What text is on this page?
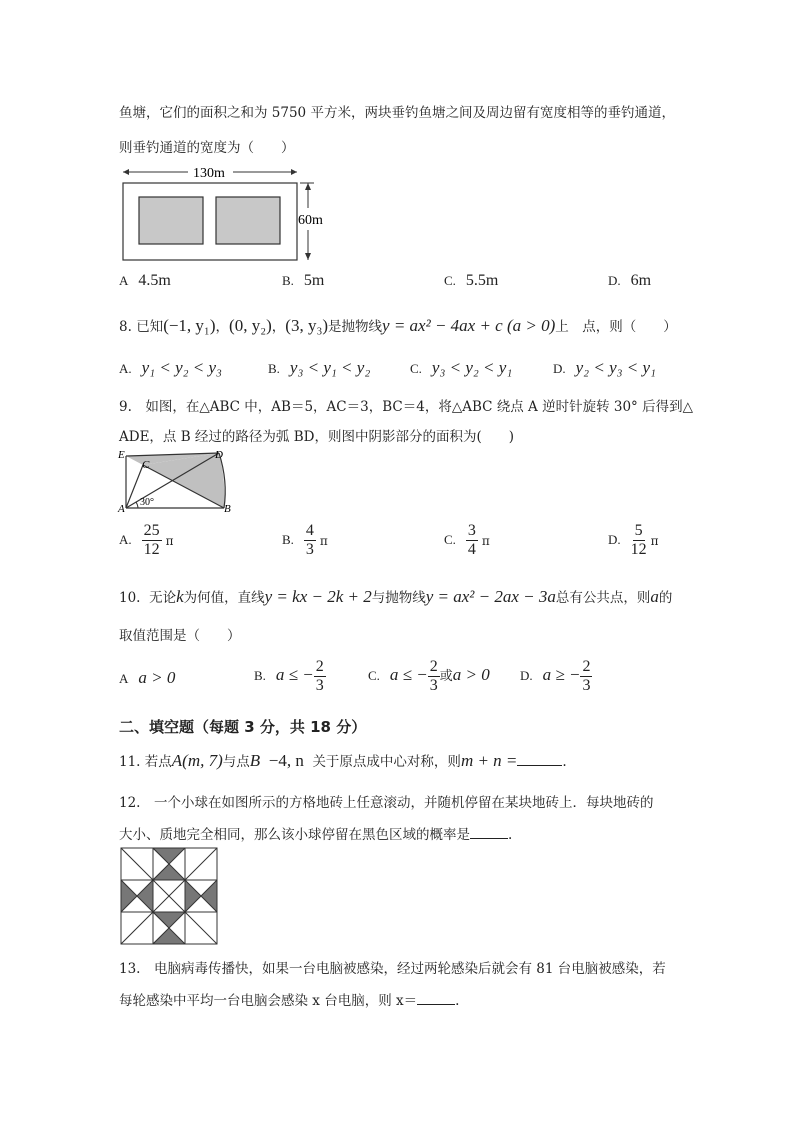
鱼塘，它们的面积之和为 5750 平方米，两块垂钓鱼塘之间及周边留有宽度相等的垂钓通道，
则垂钓通道的宽度为（　　）
130m
60m
A 4.5m	B. 5m	C. 5.5m	D. 6m
8. 已知(−1, y₁)，(0, y₂)，(3, y₃)是抛物线y = ax² − 4ax + c (a > 0)上　点，则（　　）
A. y₁ < y₂ < y₃	B. y₃ < y₁ < y₂	C. y₃ < y₂ < y₁	D. y₂ < y₃ < y₁
9.　如图，在△ABC 中，AB＝5，AC＝3，BC＝4，将△ABC 绕点 A 逆时针旋转 30° 后得到△
ADE，点 B 经过的路径为弧 BD，则图中阴影部分的面积为(　　)
E
C
D
A	B
30°
A. $\frac{25}{12}$ π	B. $\frac{4}{3}$ π	C. $\frac{3}{4}$ π	D. $\frac{5}{12}$ π
10. 无论k为何值，直线y = kx − 2k + 2与抛物线y = ax² − 2ax − 3a总有公共点，则a的
取值范围是（　　）
A a > 0	B. a ≤ − $\frac{2}{3}$	C. a ≤ − $\frac{2}{3}$ 或a > 0 D. a ≥ − $\frac{2}{3}$
二、填空题（每题 3 分，共 18 分）
11. 若点A(m, 7)与点B −4, n 关于原点成中心对称，则m + n =	.
12.　一个小球在如图所示的方格地砖上任意滚动，并随机停留在某块地砖上．每块地砖的
大小、质地完全相同，那么该小球停留在黑色区域的概率是	.
13.　电脑病毒传播快，如果一台电脑被感染，经过两轮感染后就会有 81 台电脑被感染，若
每轮感染中平均一台电脑会感染 x 台电脑，则 x＝	.
